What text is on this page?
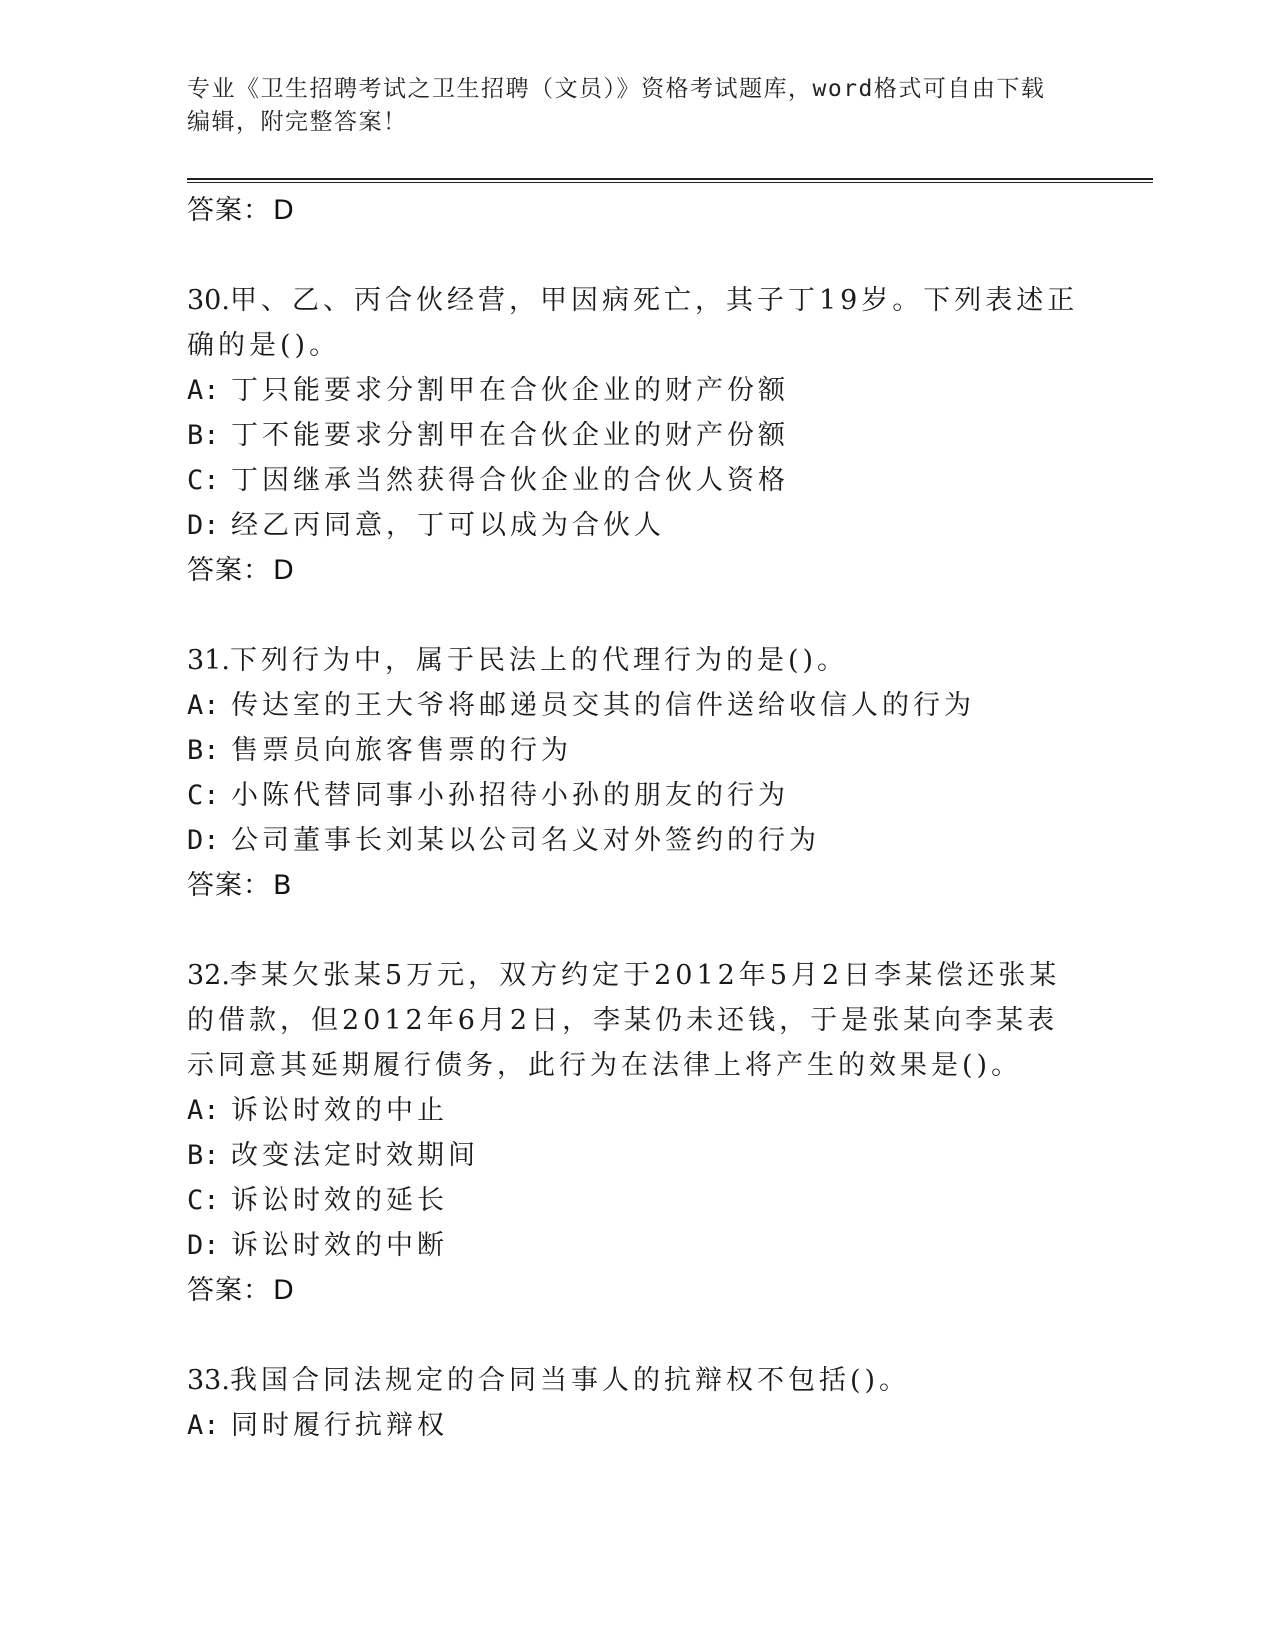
专业《卫生招聘考试之卫生招聘（文员）》资格考试题库，word格式可自由下载
编辑，附完整答案！
答案：D
30.甲、乙、丙合伙经营，甲因病死亡，其子丁19岁。下列表述正确的是()。
A: 丁只能要求分割甲在合伙企业的财产份额
B: 丁不能要求分割甲在合伙企业的财产份额
C: 丁因继承当然获得合伙企业的合伙人资格
D: 经乙丙同意，丁可以成为合伙人
答案：D
31.下列行为中，属于民法上的代理行为的是()。
A: 传达室的王大爷将邮递员交其的信件送给收信人的行为
B: 售票员向旅客售票的行为
C: 小陈代替同事小孙招待小孙的朋友的行为
D: 公司董事长刘某以公司名义对外签约的行为
答案：B
32.李某欠张某5万元，双方约定于2012年5月2日李某偿还张某的借款，但2012年6月2日，李某仍未还钱，于是张某向李某表示同意其延期履行债务，此行为在法律上将产生的效果是()。
A: 诉讼时效的中止
B: 改变法定时效期间
C: 诉讼时效的延长
D: 诉讼时效的中断
答案：D
33.我国合同法规定的合同当事人的抗辩权不包括()。
A: 同时履行抗辩权
